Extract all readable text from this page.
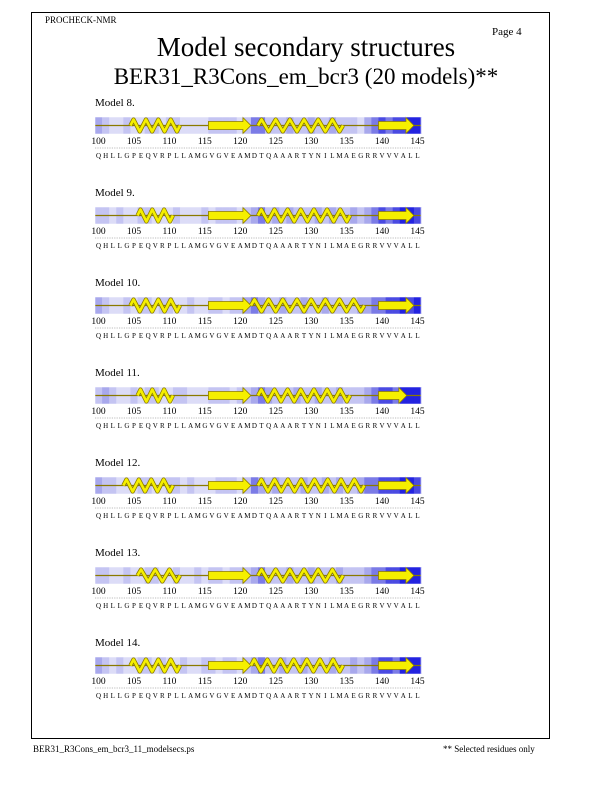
PROCHECK-NMR
Page 4
Model secondary structures
BER31_R3Cons_em_bcr3 (20 models)**
Model 8.
100 105 110 115 120 125 130 135 140 145
Q H L L G P E Q V R P L L A M G V G V E A M D T Q A A A R T Y N I L M A E G R R V V V A L L
Model 9.
100 105 110 115 120 125 130 135 140 145
Q H L L G P E Q V R P L L A M G V G V E A M D T Q A A A R T Y N I L M A E G R R V V V A L L
Model 10.
100 105 110 115 120 125 130 135 140 145
Q H L L G P E Q V R P L L A M G V G V E A M D T Q A A A R T Y N I L M A E G R R V V V A L L
Model 11.
100 105 110 115 120 125 130 135 140 145
Q H L L G P E Q V R P L L A M G V G V E A M D T Q A A A R T Y N I L M A E G R R V V V A L L
Model 12.
100 105 110 115 120 125 130 135 140 145
Q H L L G P E Q V R P L L A M G V G V E A M D T Q A A A R T Y N I L M A E G R R V V V A L L
Model 13.
100 105 110 115 120 125 130 135 140 145
Q H L L G P E Q V R P L L A M G V G V E A M D T Q A A A R T Y N I L M A E G R R V V V A L L
Model 14.
100 105 110 115 120 125 130 135 140 145
Q H L L G P E Q V R P L L A M G V G V E A M D T Q A A A R T Y N I L M A E G R R V V V A L L
BER31_R3Cons_em_bcr3_11_modelsecs.ps	** Selected residues only
